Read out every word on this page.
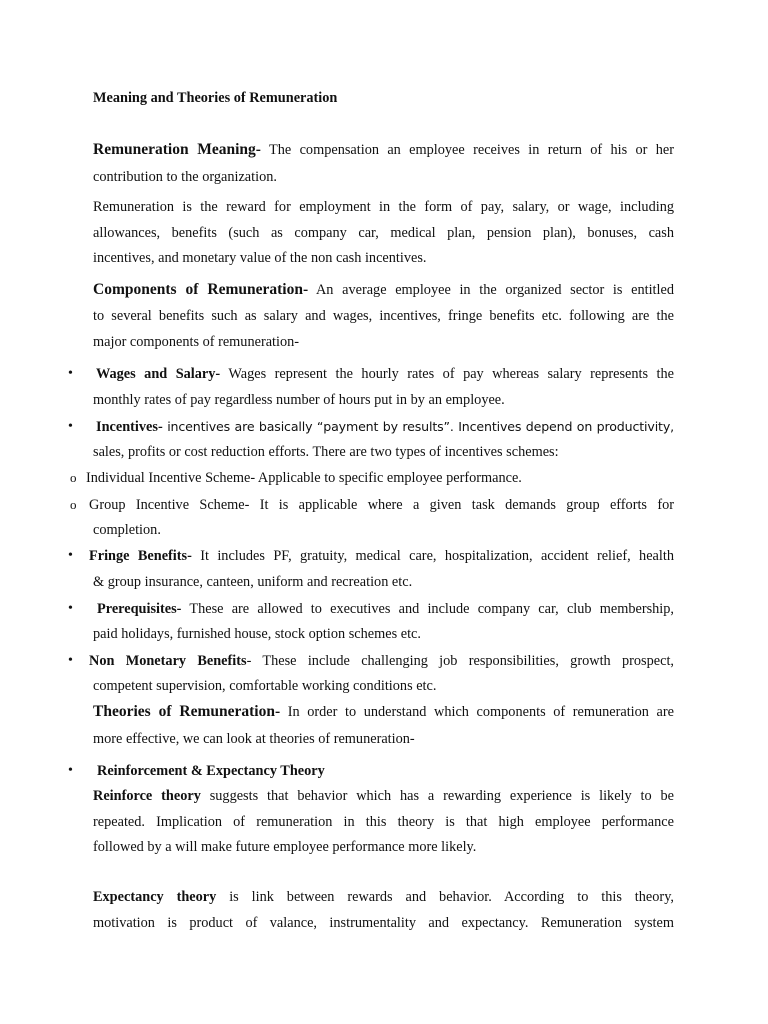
Meaning and Theories of Remuneration
Remuneration Meaning- The compensation an employee receives in return of his or her
contribution to the organization.
Remuneration is the reward for employment in the form of pay, salary, or wage, including
allowances, benefits (such as company car, medical plan, pension plan), bonuses, cash
incentives, and monetary value of the non cash incentives.
Components of Remuneration- An average employee in the organized sector is entitled
to several benefits such as salary and wages, incentives, fringe benefits etc. following are the
major components of remuneration-
• Wages and Salary- Wages represent the hourly rates of pay whereas salary represents the
monthly rates of pay regardless number of hours put in by an employee.
• Incentives- incentives are basically “payment by results”. Incentives depend on productivity,
sales, profits or cost reduction efforts. There are two types of incentives schemes:
o Individual Incentive Scheme- Applicable to specific employee performance.
o Group Incentive Scheme- It is applicable where a given task demands group efforts for
completion.
• Fringe Benefits- It includes PF, gratuity, medical care, hospitalization, accident relief, health
& group insurance, canteen, uniform and recreation etc.
• Prerequisites- These are allowed to executives and include company car, club membership,
paid holidays, furnished house, stock option schemes etc.
• Non Monetary Benefits- These include challenging job responsibilities, growth prospect,
competent supervision, comfortable working conditions etc.
Theories of Remuneration- In order to understand which components of remuneration are
more effective, we can look at theories of remuneration-
• Reinforcement & Expectancy Theory
Reinforce theory suggests that behavior which has a rewarding experience is likely to be
repeated. Implication of remuneration in this theory is that high employee performance
followed by a will make future employee performance more likely.
Expectancy theory is link between rewards and behavior. According to this theory,
motivation is product of valance, instrumentality and expectancy. Remuneration system
